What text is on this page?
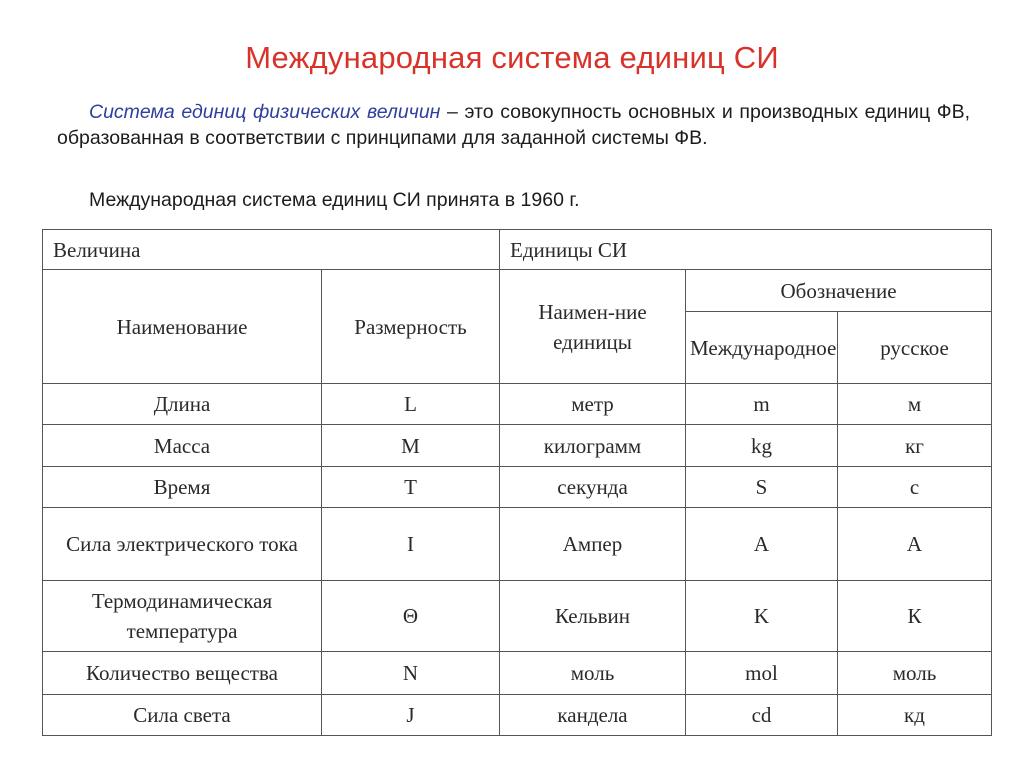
Международная система единиц СИ
Система единиц физических величин – это совокупность основных и производных единиц ФВ, образованная в соответствии с принципами для заданной системы ФВ.
Международная система единиц СИ принята в 1960 г.
Величина		Единицы СИ		
Наименование	Размерность	Наимен-ние единицы	Обозначение	
			Международное	русское
Длина	L	метр	m	м
Масса	M	килограмм	kg	кг
Время	T	секунда	S	с
Сила электрического тока	I	Ампер	A	А
Термодинамическая температура	Θ	Кельвин	K	К
Количество вещества	N	моль	mol	моль
Сила света	J	кандела	cd	кд
